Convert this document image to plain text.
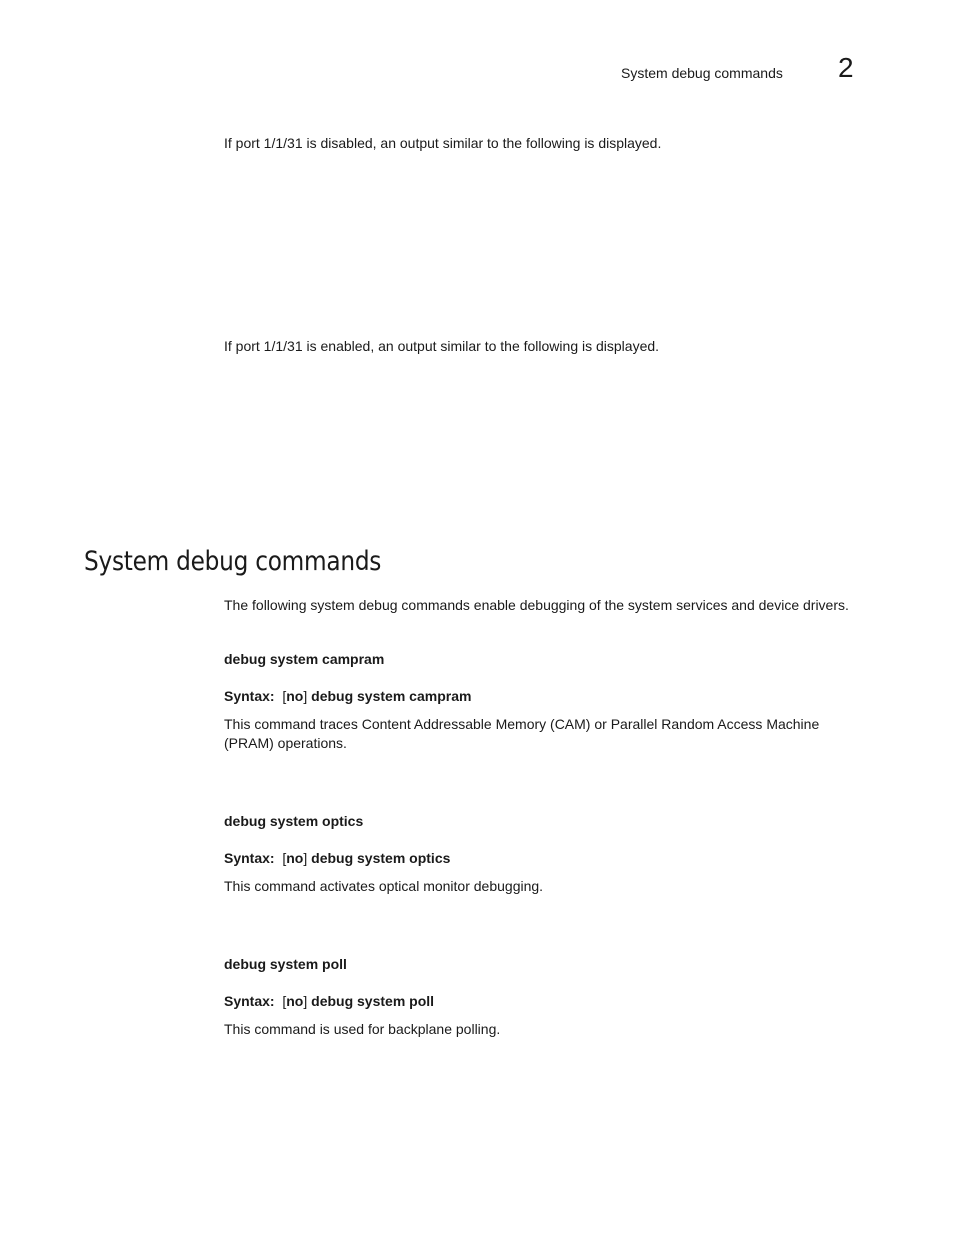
System debug commands 2
If port 1/1/31 is disabled, an output similar to the following is displayed.
If port 1/1/31 is enabled, an output similar to the following is displayed.
System debug commands
The following system debug commands enable debugging of the system services and device drivers.
debug system campram
Syntax: [no] debug system campram
This command traces Content Addressable Memory (CAM) or Parallel Random Access Machine (PRAM) operations.
debug system optics
Syntax: [no] debug system optics
This command activates optical monitor debugging.
debug system poll
Syntax: [no] debug system poll
This command is used for backplane polling.
